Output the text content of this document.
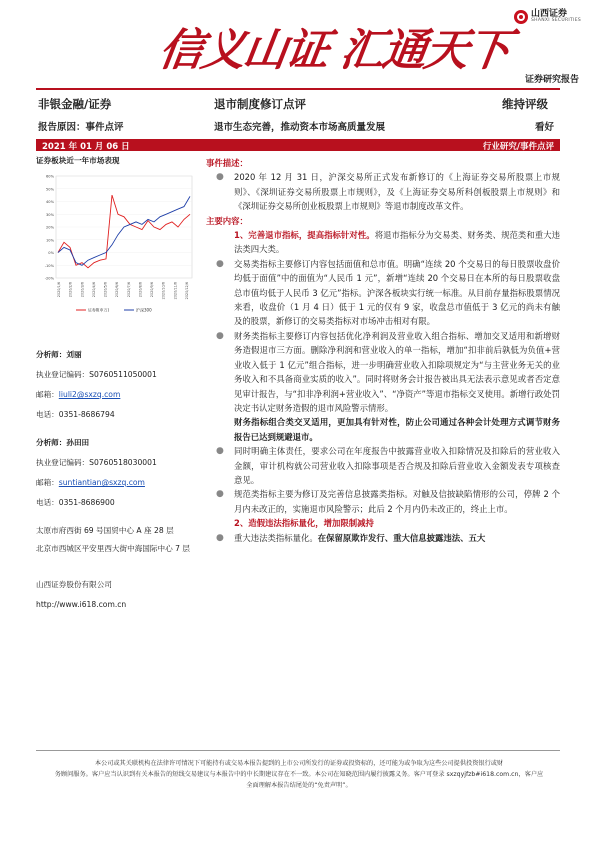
信义山证 汇通天下
山西证券
SHANXI SECURITIES
证券研究报告
非银金融/证券	退市制度修订点评	维持评级
报告原因：事件点评	退市生态完善，推动资本市场高质量发展	看好
2021 年 01 月 06 日	行业研究/事件点评
证券板块近一年市场表现
60%
50%
40%
30%
20%
10%
0%
-10%
-20%
2020/1/6 2020/2/6 2020/3/6 2020/4/6 2020/5/6 2020/6/6 2020/7/6 2020/8/6 2020/9/6 2020/10/6 2020/11/6 2020/12/6
证券Ⅱ(申万)	沪深300
分析师：刘丽
执业登记编码：S0760511050001
邮箱：liuli2@sxzq.com
电话：0351-8686794
分析师：孙田田
执业登记编码：S0760518030001
邮箱：suntiantian@sxzq.com
电话：0351-8686900
太原市府西街 69 号国贸中心 A 座 28 层
北京市西城区平安里西大街中海国际中心 7 层
山西证券股份有限公司
http://www.i618.com.cn
事件描述：
● 2020 年 12 月 31 日，沪深交易所正式发布新修订的《上海证券交易所股票上市规则》、《深圳证券交易所股票上市规则》，及《上海证券交易所科创板股票上市规则》和《深圳证券交易所创业板股票上市规则》等退市制度改革文件。
主要内容：
1、完善退市指标，提高指标针对性。将退市指标分为交易类、财务类、规范类和重大违法类四大类。
● 交易类指标主要修订内容包括面值和总市值。明确“连续 20 个交易日的每日股票收盘价均低于面值”中的面值为“人民币 1 元”，新增“连续 20 个交易日在本所的每日股票收盘总市值均低于人民币 3 亿元”指标。沪深各板块实行统一标准。从目前存量指标股票情况来看，收盘价（1 月 4 日）低于 1 元的仅有 9 家，收盘总市值低于 3 亿元的尚未有触及的股票，新修订的交易类指标对市场冲击相对有限。
● 财务类指标主要修订内容包括优化净利润及营业收入组合指标、增加交叉适用和新增财务造假退市三方面。删除净利润和营业收入的单一指标，增加“扣非前后孰低为负值+营业收入低于 1 亿元”组合指标，进一步明确营业收入扣除项规定为“与主营业务无关的业务收入和不具备商业实质的收入”。同时将财务会计报告被出具无法表示意见或者否定意见审计报告，与“扣非净利润+营业收入”、“净资产”等退市指标交叉使用。新增行政处罚决定书认定财务造假的退市风险警示情形。
财务指标组合类交叉适用，更加具有针对性，防止公司通过各种会计处理方式调节财务报告已达到规避退市。
● 同时明确主体责任，要求公司在年度报告中披露营业收入扣除情况及扣除后的营业收入金额，审计机构就公司营业收入扣除事项是否合规及扣除后营业收入金额发表专项核查意见。
● 规范类指标主要为修订及完善信息披露类指标。对触及信披缺陷情形的公司，停牌 2 个月内未改正的，实施退市风险警示；此后 2 个月内仍未改正的，终止上市。
2、造假违法指标量化，增加限制减持
● 重大违法类指标量化。在保留原欺诈发行、重大信息披露违法、五大
本公司或其关联机构在法律许可情况下可能持有或交易本报告提到的上市公司所发行的证券或投资标的，还可能为或争取为这些公司提供投资银行或财
务顾问服务。客户应当认识到有关本报告的短线交易建议与本报告中的中长期建议存在不一致。本公司在知晓范围内履行披露义务。客户可登录 sxzqyjfzb#i618.com.cn，客户应全面理解本报告结尾处的“免责声明”。
